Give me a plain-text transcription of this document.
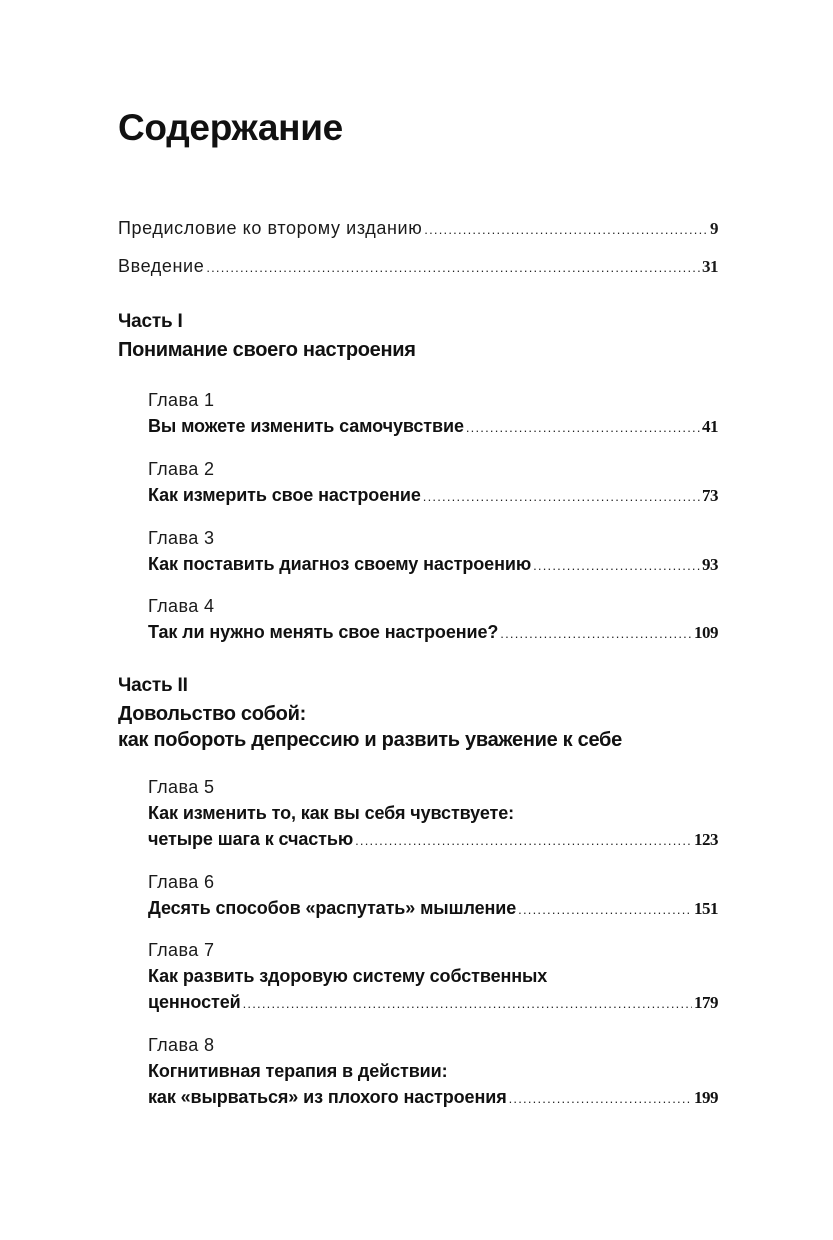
Содержание
Предисловие ко второму изданию .....	9
Введение .....	31
Часть I
Понимание своего настроения
Глава 1
Вы можете изменить самочувствие .....	41
Глава 2
Как измерить свое настроение .....	73
Глава 3
Как поставить диагноз своему настроению .....	93
Глава 4
Так ли нужно менять свое настроение? .....	109
Часть II
Довольство собой:
как побороть депрессию и развить уважение к себе
Глава 5
Как изменить то, как вы себя чувствуете:
четыре шага к счастью .....	123
Глава 6
Десять способов «распутать» мышление .....	151
Глава 7
Как развить здоровую систему собственных
ценностей .....	179
Глава 8
Когнитивная терапия в действии:
как «вырваться» из плохого настроения .....	199
